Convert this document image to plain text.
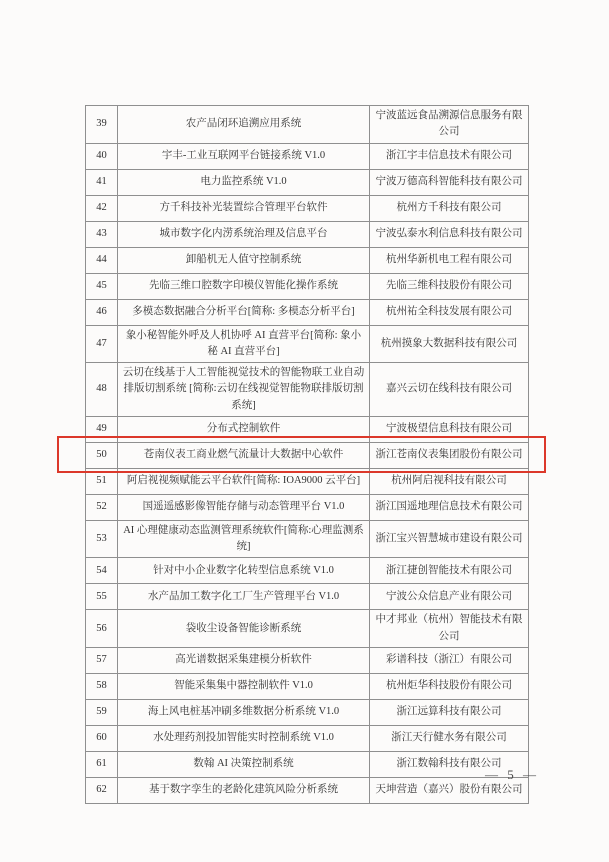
39	农产品闭环追溯应用系统	宁波蓝远食品溯源信息服务有限公司
40	宇丰-工业互联网平台链接系统 V1.0	浙江宇丰信息技术有限公司
41	电力监控系统 V1.0	宁波万德高科智能科技有限公司
42	方千科技补光装置综合管理平台软件	杭州方千科技有限公司
43	城市数字化内涝系统治理及信息平台	宁波弘泰水利信息科技有限公司
44	卸船机无人值守控制系统	杭州华新机电工程有限公司
45	先临三维口腔数字印模仪智能化操作系统	先临三维科技股份有限公司
46	多模态数据融合分析平台[简称: 多模态分析平台]	杭州祐全科技发展有限公司
47	象小秘智能外呼及人机协呼 AI 直营平台[简称: 象小秘 AI 直营平台]	杭州摸象大数据科技有限公司
48	云切在线基于人工智能视觉技术的智能物联工业自动排版切割系统 [简称:云切在线视觉智能物联排版切割系统]	嘉兴云切在线科技有限公司
49	分布式控制软件	宁波极望信息科技有限公司
50	苍南仪表工商业燃气流量计大数据中心软件	浙江苍南仪表集团股份有限公司
51	阿启视视频赋能云平台软件[简称: IOA9000 云平台]	杭州阿启视科技有限公司
52	国遥遥感影像智能存储与动态管理平台 V1.0	浙江国遥地理信息技术有限公司
53	AI 心理健康动态监测管理系统软件[简称:心理监测系统]	浙江宝兴智慧城市建设有限公司
54	针对中小企业数字化转型信息系统 V1.0	浙江捷创智能技术有限公司
55	水产品加工数字化工厂生产管理平台 V1.0	宁波公众信息产业有限公司
56	袋收尘设备智能诊断系统	中才邦业（杭州）智能技术有限公司
57	高光谱数据采集建模分析软件	彩谱科技（浙江）有限公司
58	智能采集集中器控制软件 V1.0	杭州炬华科技股份有限公司
59	海上风电桩基冲刷多维数据分析系统 V1.0	浙江远算科技有限公司
60	水处理药剂投加智能实时控制系统 V1.0	浙江天行健水务有限公司
61	数翰 AI 决策控制系统	浙江数翰科技有限公司
62	基于数字孪生的老龄化建筑风险分析系统	天坤营造（嘉兴）股份有限公司
— 5 —
